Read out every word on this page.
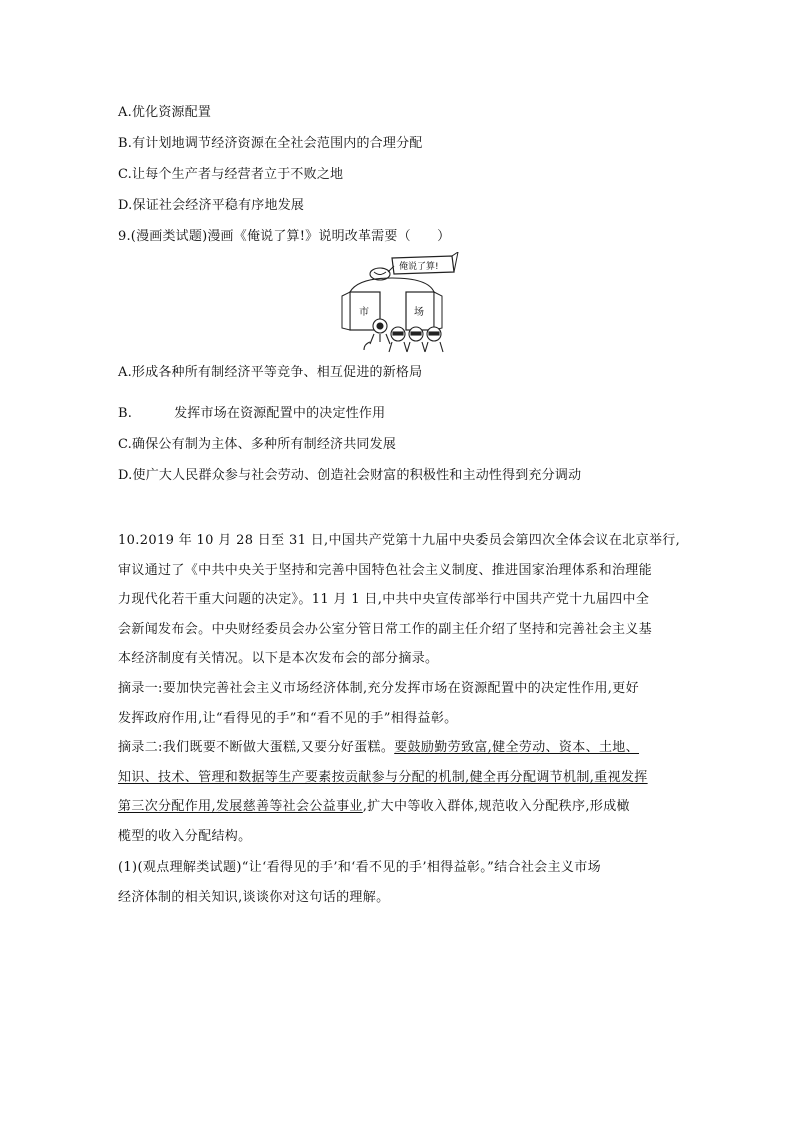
A.优化资源配置
B.有计划地调节经济资源在全社会范围内的合理分配
C.让每个生产者与经营者立于不败之地
D.保证社会经济平稳有序地发展
9.(漫画类试题)漫画《俺说了算!》说明改革需要（　　）
俺说了算!
市	场
A.形成各种所有制经济平等竞争、相互促进的新格局
B.	发挥市场在资源配置中的决定性作用
C.确保公有制为主体、多种所有制经济共同发展
D.使广大人民群众参与社会劳动、创造社会财富的积极性和主动性得到充分调动
10.2019 年 10 月 28 日至 31 日,中国共产党第十九届中央委员会第四次全体会议在北京举行,
审议通过了《中共中央关于坚持和完善中国特色社会主义制度、推进国家治理体系和治理能
力现代化若干重大问题的决定》。11 月 1 日,中共中央宣传部举行中国共产党十九届四中全
会新闻发布会。中央财经委员会办公室分管日常工作的副主任介绍了坚持和完善社会主义基
本经济制度有关情况。以下是本次发布会的部分摘录。
摘录一:要加快完善社会主义市场经济体制,充分发挥市场在资源配置中的决定性作用,更好
发挥政府作用,让“看得见的手”和“看不见的手”相得益彰。
摘录二:我们既要不断做大蛋糕,又要分好蛋糕。要鼓励勤劳致富,健全劳动、资本、土地、
知识、技术、管理和数据等生产要素按贡献参与分配的机制,健全再分配调节机制,重视发挥
第三次分配作用,发展慈善等社会公益事业,扩大中等收入群体,规范收入分配秩序,形成橄
榄型的收入分配结构。
(1)(观点理解类试题)“让‘看得见的手’和‘看不见的手’相得益彰。”结合社会主义市场
经济体制的相关知识,谈谈你对这句话的理解。
